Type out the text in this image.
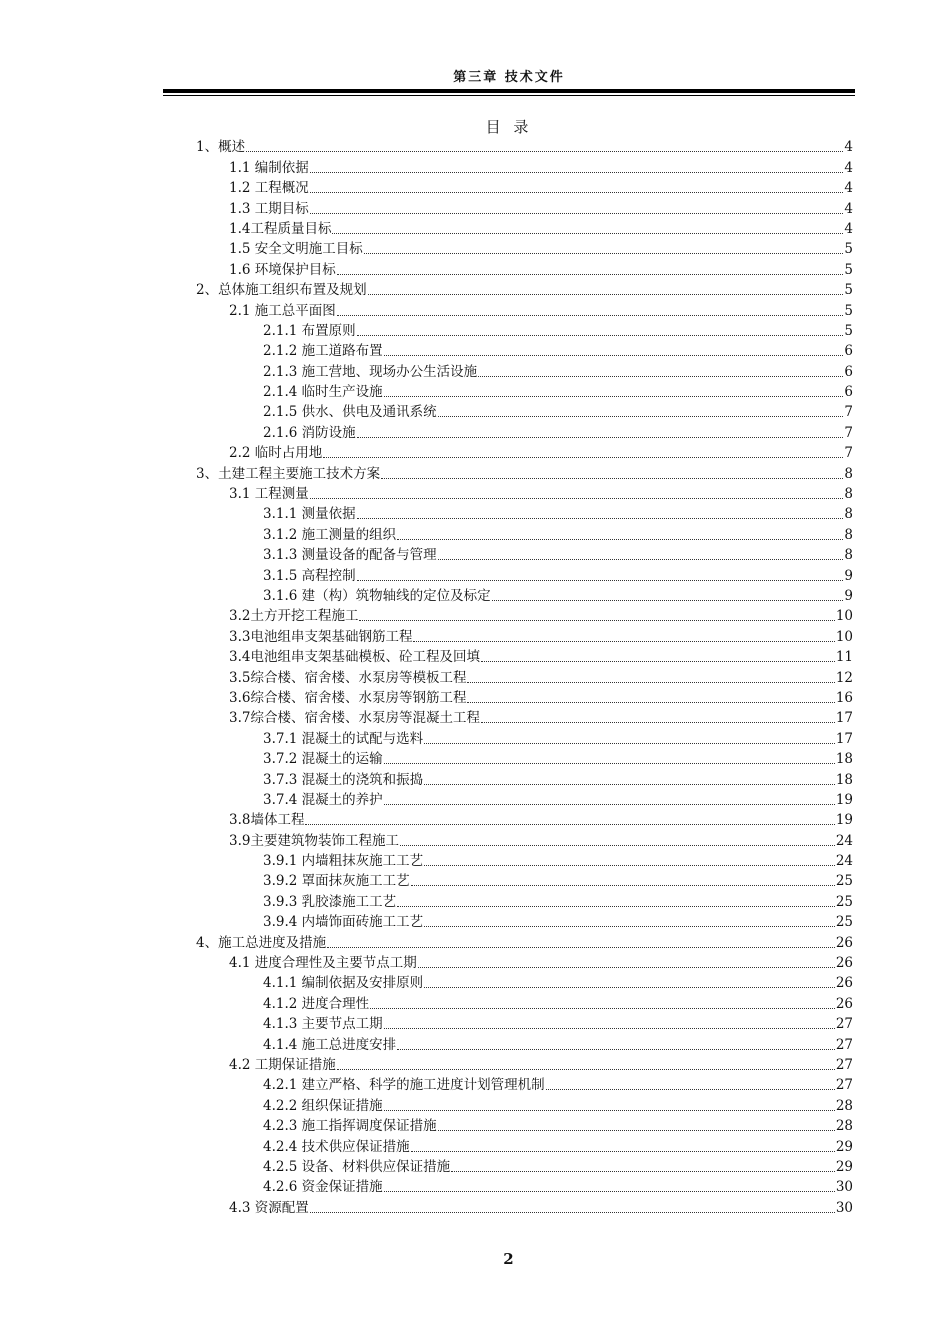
第三章 技术文件
目 录
1、概述	4
1.1 编制依据	4
1.2 工程概况	4
1.3 工期目标	4
1.4工程质量目标	4
1.5 安全文明施工目标	5
1.6 环境保护目标	5
2、总体施工组织布置及规划	5
2.1 施工总平面图	5
2.1.1 布置原则	5
2.1.2 施工道路布置	6
2.1.3 施工营地、现场办公生活设施	6
2.1.4 临时生产设施	6
2.1.5 供水、供电及通讯系统	7
2.1.6 消防设施	7
2.2 临时占用地	7
3、土建工程主要施工技术方案	8
3.1 工程测量	8
3.1.1 测量依据	8
3.1.2 施工测量的组织	8
3.1.3 测量设备的配备与管理	8
3.1.5 高程控制	9
3.1.6 建（构）筑物轴线的定位及标定	9
3.2土方开挖工程施工	10
3.3电池组串支架基础钢筋工程	10
3.4电池组串支架基础模板、砼工程及回填	11
3.5综合楼、宿舍楼、水泵房等模板工程	12
3.6综合楼、宿舍楼、水泵房等钢筋工程	16
3.7综合楼、宿舍楼、水泵房等混凝土工程	17
3.7.1 混凝土的试配与选料	17
3.7.2 混凝土的运输	18
3.7.3 混凝土的浇筑和振捣	18
3.7.4 混凝土的养护	19
3.8墙体工程	19
3.9主要建筑物装饰工程施工	24
3.9.1 内墙粗抹灰施工工艺	24
3.9.2 罩面抹灰施工工艺	25
3.9.3 乳胶漆施工工艺	25
3.9.4 内墙饰面砖施工工艺	25
4、施工总进度及措施	26
4.1 进度合理性及主要节点工期	26
4.1.1 编制依据及安排原则	26
4.1.2 进度合理性	26
4.1.3 主要节点工期	27
4.1.4 施工总进度安排	27
4.2 工期保证措施	27
4.2.1 建立严格、科学的施工进度计划管理机制	27
4.2.2 组织保证措施	28
4.2.3 施工指挥调度保证措施	28
4.2.4 技术供应保证措施	29
4.2.5 设备、材料供应保证措施	29
4.2.6 资金保证措施	30
4.3 资源配置	30
2
